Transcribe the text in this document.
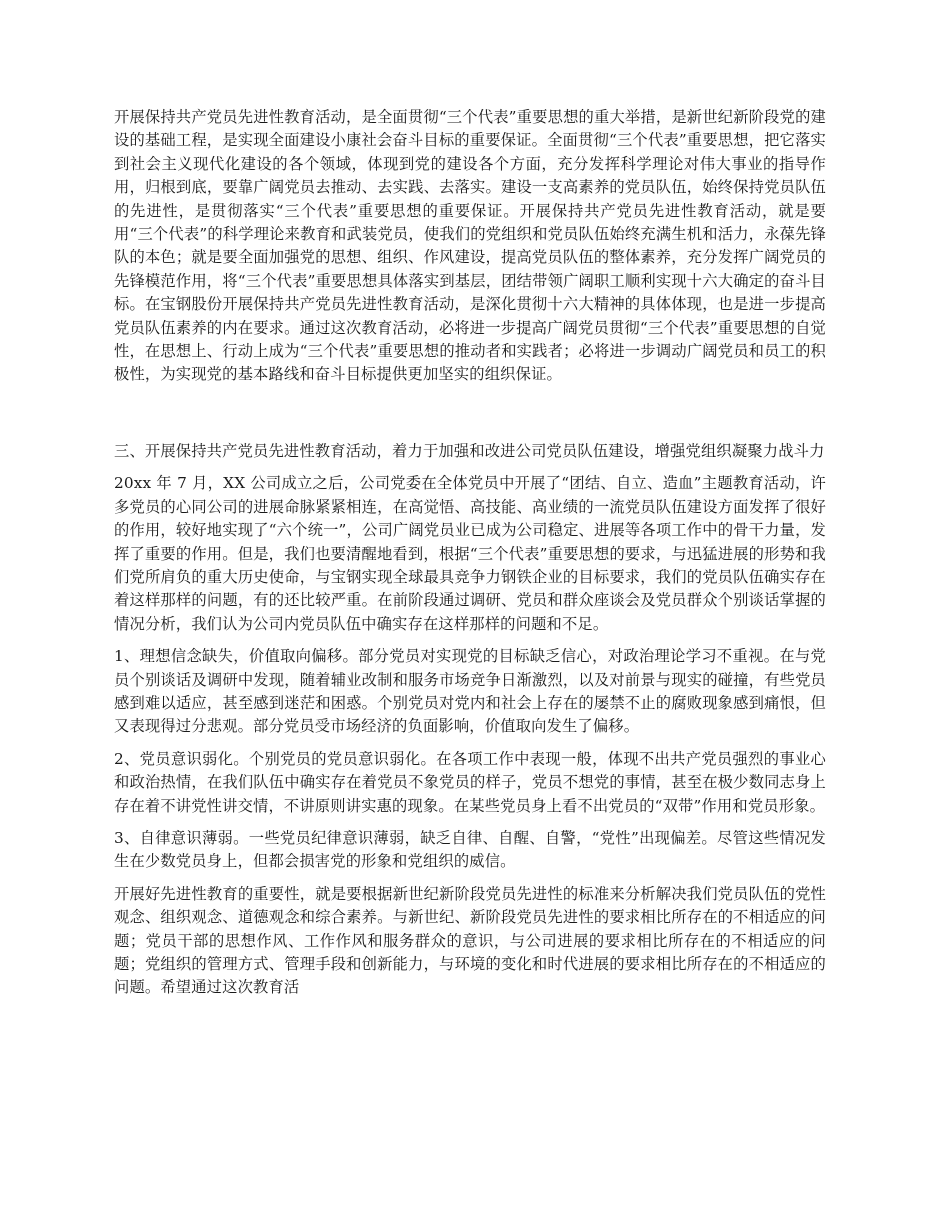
开展保持共产党员先进性教育活动，是全面贯彻“三个代表”重要思想的重大举措，是新世纪新阶段党的建设的基础工程，是实现全面建设小康社会奋斗目标的重要保证。全面贯彻“三个代表”重要思想，把它落实到社会主义现代化建设的各个领域，体现到党的建设各个方面，充分发挥科学理论对伟大事业的指导作用，归根到底，要靠广阔党员去推动、去实践、去落实。建设一支高素养的党员队伍，始终保持党员队伍的先进性，是贯彻落实“三个代表”重要思想的重要保证。开展保持共产党员先进性教育活动，就是要用“三个代表”的科学理论来教育和武装党员，使我们的党组织和党员队伍始终充满生机和活力，永葆先锋队的本色；就是要全面加强党的思想、组织、作风建设，提高党员队伍的整体素养，充分发挥广阔党员的先锋模范作用，将“三个代表”重要思想具体落实到基层，团结带领广阔职工顺利实现十六大确定的奋斗目标。在宝钢股份开展保持共产党员先进性教育活动，是深化贯彻十六大精神的具体体现，也是进一步提高党员队伍素养的内在要求。通过这次教育活动，必将进一步提高广阔党员贯彻“三个代表”重要思想的自觉性，在思想上、行动上成为“三个代表”重要思想的推动者和实践者；必将进一步调动广阔党员和员工的积极性，为实现党的基本路线和奋斗目标提供更加坚实的组织保证。

三、开展保持共产党员先进性教育活动，着力于加强和改进公司党员队伍建设，增强党组织凝聚力战斗力

20xx 年 7 月，XX 公司成立之后，公司党委在全体党员中开展了“团结、自立、造血”主题教育活动，许多党员的心同公司的进展命脉紧紧相连，在高觉悟、高技能、高业绩的一流党员队伍建设方面发挥了很好的作用，较好地实现了“六个统一”，公司广阔党员业已成为公司稳定、进展等各项工作中的骨干力量，发挥了重要的作用。但是，我们也要清醒地看到，根据“三个代表”重要思想的要求，与迅猛进展的形势和我们党所肩负的重大历史使命，与宝钢实现全球最具竞争力钢铁企业的目标要求，我们的党员队伍确实存在着这样那样的问题，有的还比较严重。在前阶段通过调研、党员和群众座谈会及党员群众个别谈话掌握的情况分析，我们认为公司内党员队伍中确实存在这样那样的问题和不足。

1、理想信念缺失，价值取向偏移。部分党员对实现党的目标缺乏信心，对政治理论学习不重视。在与党员个别谈话及调研中发现，随着辅业改制和服务市场竞争日渐激烈，以及对前景与现实的碰撞，有些党员感到难以适应，甚至感到迷茫和困惑。个别党员对党内和社会上存在的屡禁不止的腐败现象感到痛恨，但又表现得过分悲观。部分党员受市场经济的负面影响，价值取向发生了偏移。

2、党员意识弱化。个别党员的党员意识弱化。在各项工作中表现一般，体现不出共产党员强烈的事业心和政治热情，在我们队伍中确实存在着党员不象党员的样子，党员不想党的事情，甚至在极少数同志身上存在着不讲党性讲交情，不讲原则讲实惠的现象。在某些党员身上看不出党员的“双带”作用和党员形象。

3、自律意识薄弱。一些党员纪律意识薄弱，缺乏自律、自醒、自警，“党性”出现偏差。尽管这些情况发生在少数党员身上，但都会损害党的形象和党组织的威信。

开展好先进性教育的重要性，就是要根据新世纪新阶段党员先进性的标准来分析解决我们党员队伍的党性观念、组织观念、道德观念和综合素养。与新世纪、新阶段党员先进性的要求相比所存在的不相适应的问题；党员干部的思想作风、工作作风和服务群众的意识，与公司进展的要求相比所存在的不相适应的问题；党组织的管理方式、管理手段和创新能力，与环境的变化和时代进展的要求相比所存在的不相适应的问题。希望通过这次教育活
